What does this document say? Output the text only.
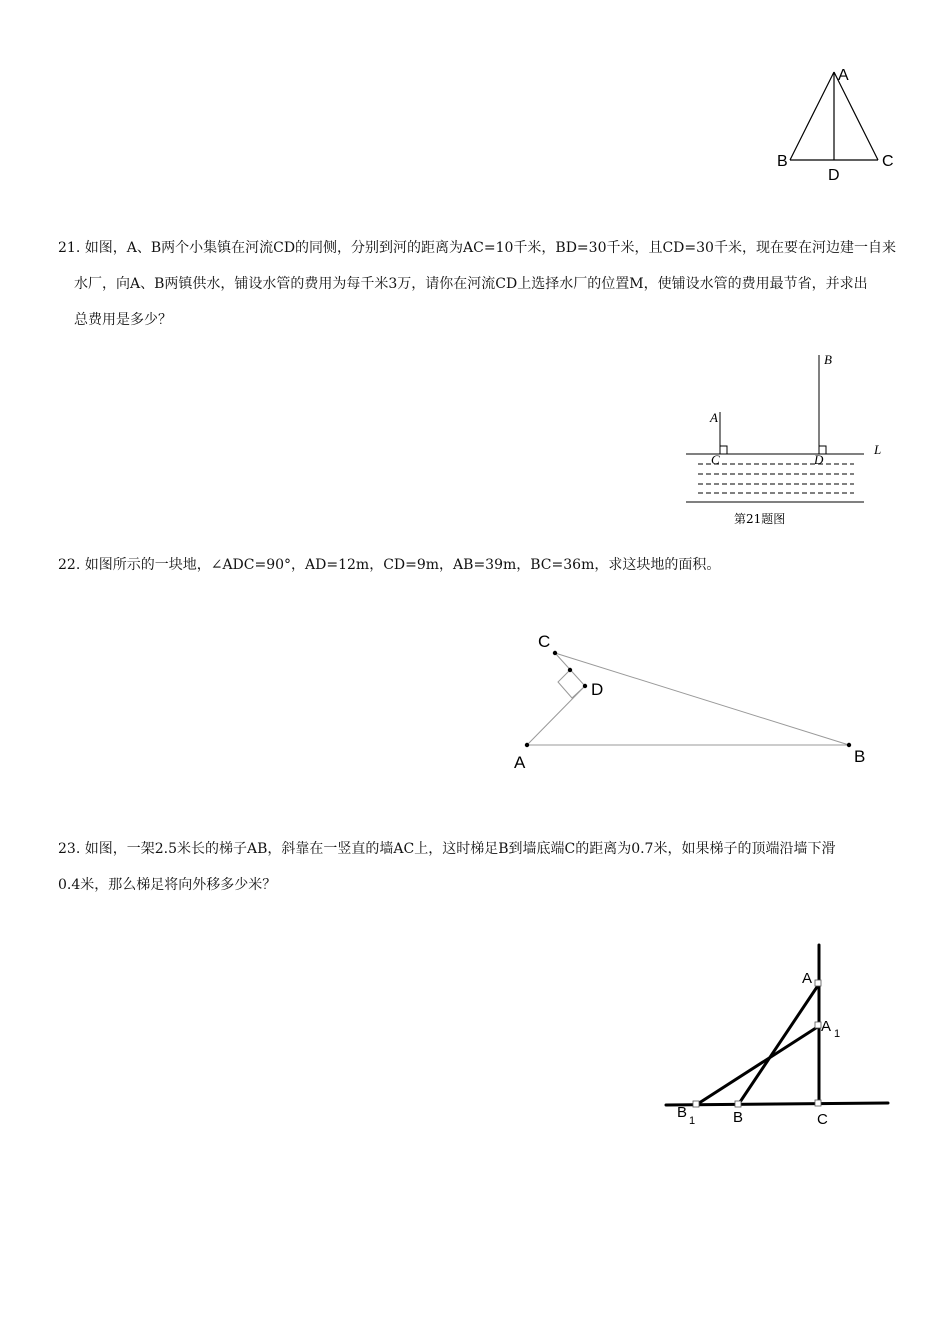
A
B	C
D
21. 如图，A、B两个小集镇在河流CD的同侧，分别到河的距离为AC=10千米，BD=30千米，且CD=30千米，现在要在河边建一自来
水厂，向A、B两镇供水，铺设水管的费用为每千米3万，请你在河流CD上选择水厂的位置M，使铺设水管的费用最节省，并求出
总费用是多少？
B
A
L
C	D
第21题图
22. 如图所示的一块地，∠ADC=90°，AD=12m，CD=9m，AB=39m，BC=36m，求这块地的面积。
C
D
A	B
23. 如图，一架2.5米长的梯子AB，斜靠在一竖直的墙AC上，这时梯足B到墙底端C的距离为0.7米，如果梯子的顶端沿墙下滑
0.4米，那么梯足将向外移多少米？
A
A 1
B 1	B	C
